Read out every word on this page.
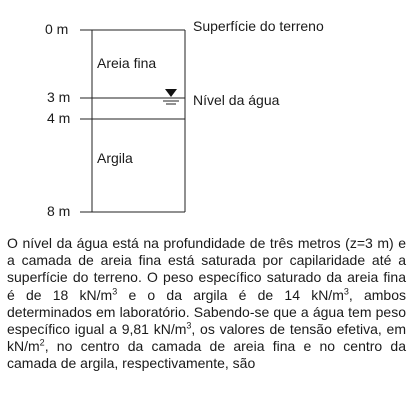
0 m
3 m
4 m
8 m
Areia fina
Argila
Superfície do terreno
Nível da água
O nível da água está na profundidade de três metros (z=3 m) e a camada de areia fina está saturada por capilaridade até a superfície do terreno. O peso específico saturado da areia fina é de 18 $kN/m^3$ e o da argila é de 14 $kN/m^3$, ambos determinados em laboratório. Sabendo-se que a água tem peso específico igual a 9,81 $kN/m^3$, os valores de tensão efetiva, em $kN/m^2$, no centro da camada de areia fina e no centro da camada de argila, respectivamente, são
